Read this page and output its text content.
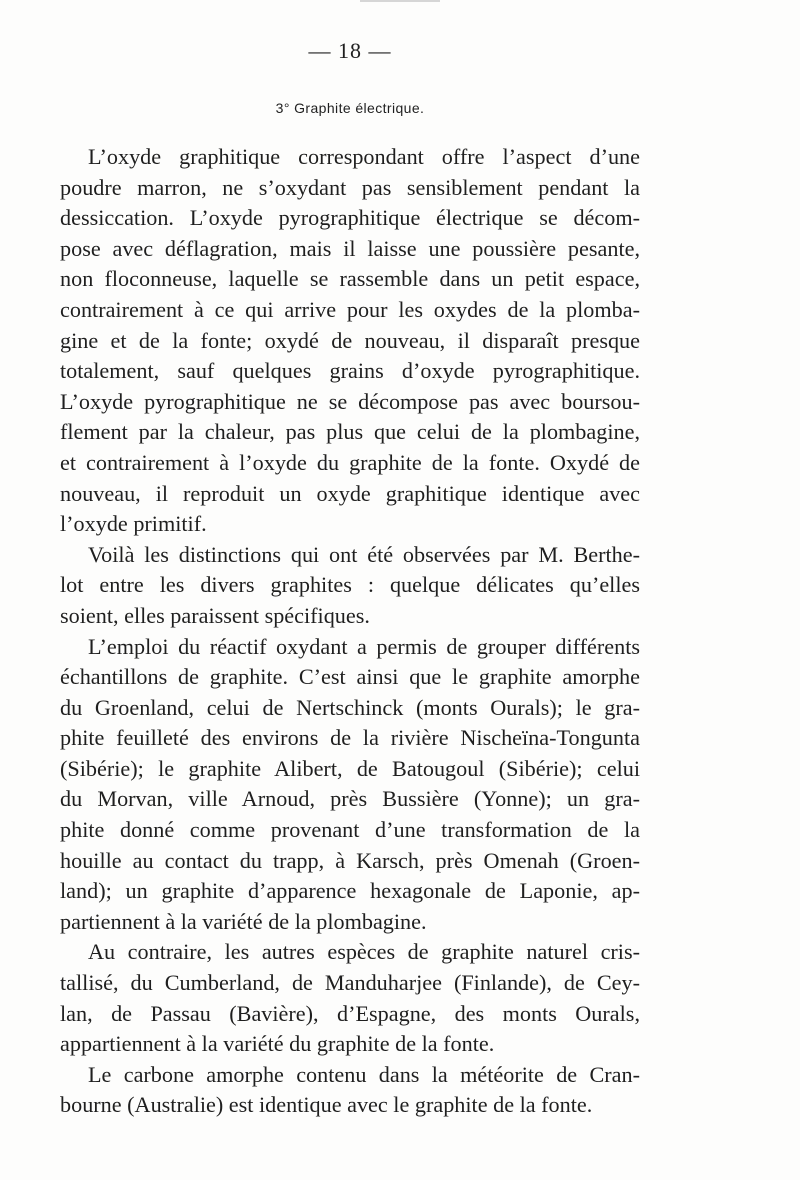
— 18 —
3° Graphite électrique.
L’oxyde graphitique correspondant offre l’aspect d’une
poudre marron, ne s’oxydant pas sensiblement pendant la
dessiccation. L’oxyde pyrographitique électrique se décom-
pose avec déflagration, mais il laisse une poussière pesante,
non floconneuse, laquelle se rassemble dans un petit espace,
contrairement à ce qui arrive pour les oxydes de la plomba-
gine et de la fonte; oxydé de nouveau, il disparaît presque
totalement, sauf quelques grains d’oxyde pyrographitique.
L’oxyde pyrographitique ne se décompose pas avec boursou-
flement par la chaleur, pas plus que celui de la plombagine,
et contrairement à l’oxyde du graphite de la fonte. Oxydé de
nouveau, il reproduit un oxyde graphitique identique avec
l’oxyde primitif.
Voilà les distinctions qui ont été observées par M. Berthe-
lot entre les divers graphites : quelque délicates qu’elles
soient, elles paraissent spécifiques.
L’emploi du réactif oxydant a permis de grouper différents
échantillons de graphite. C’est ainsi que le graphite amorphe
du Groenland, celui de Nertschinck (monts Ourals); le gra-
phite feuilleté des environs de la rivière Nischeïna-Tongunta
(Sibérie); le graphite Alibert, de Batougoul (Sibérie); celui
du Morvan, ville Arnoud, près Bussière (Yonne); un gra-
phite donné comme provenant d’une transformation de la
houille au contact du trapp, à Karsch, près Omenah (Groen-
land); un graphite d’apparence hexagonale de Laponie, ap-
partiennent à la variété de la plombagine.
Au contraire, les autres espèces de graphite naturel cris-
tallisé, du Cumberland, de Manduharjee (Finlande), de Cey-
lan, de Passau (Bavière), d’Espagne, des monts Ourals,
appartiennent à la variété du graphite de la fonte.
Le carbone amorphe contenu dans la météorite de Cran-
bourne (Australie) est identique avec le graphite de la fonte.
